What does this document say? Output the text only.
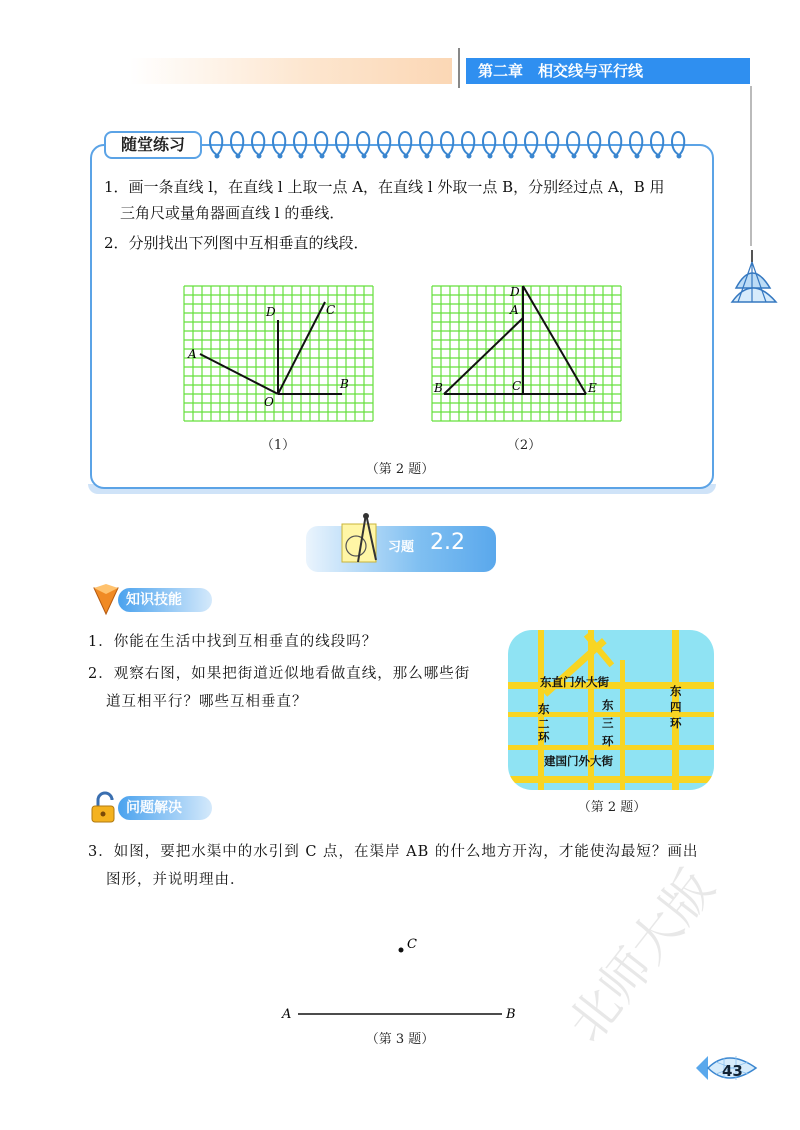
第二章　相交线与平行线
随堂练习
1．画一条直线 l，在直线 l 上取一点 A，在直线 l 外取一点 B，分别经过点 A，B 用
三角尺或量角器画直线 l 的垂线．
2．分别找出下列图中互相垂直的线段．
A
D	C
B
O
（1）
B
D
A
C	E
（2）
（第 2 题）
习题 2.2
知识技能
1．你能在生活中找到互相垂直的线段吗？
2．观察右图，如果把街道近似地看做直线，那么哪些街
道互相平行？哪些互相垂直？
东直门外大街
东
二
环
东
三
环
东
四
环
建国门外大街
（第 2 题）
问题解决
3．如图，要把水渠中的水引到 C 点，在渠岸 AB 的什么地方开沟，才能使沟最短？画出
图形，并说明理由．
C
A	B
（第 3 题） 北师大版
43
